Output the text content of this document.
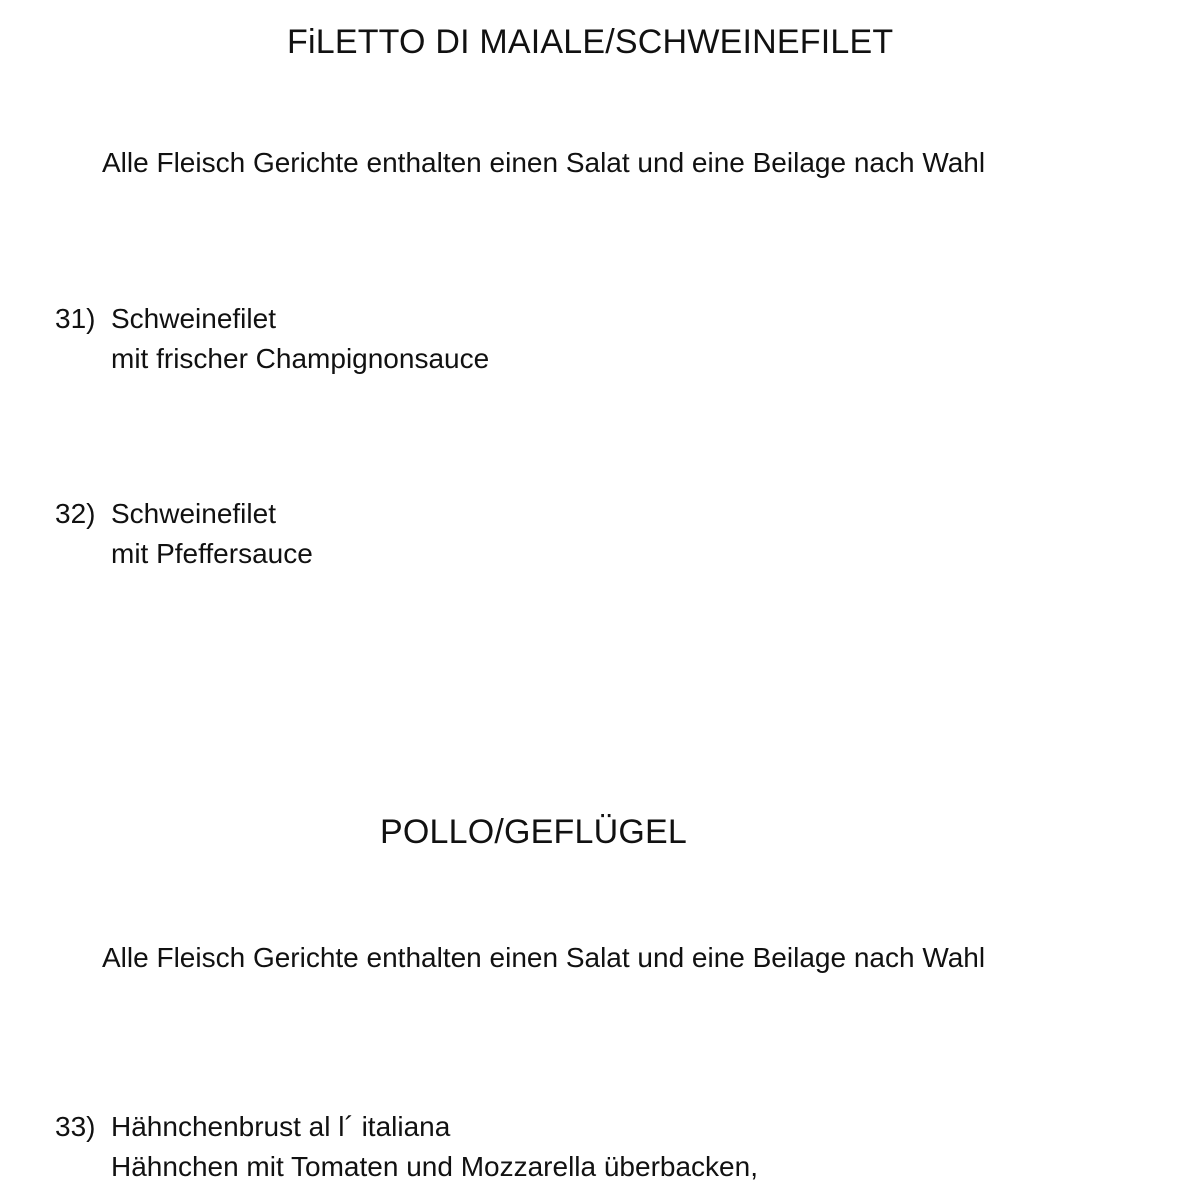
FiLETTO DI MAIALE/SCHWEINEFILET
Alle Fleisch Gerichte enthalten einen Salat und eine Beilage nach Wahl
31) Schweinefilet
mit frischer Champignonsauce
32) Schweinefilet
mit Pfeffersauce
POLLO/GEFLÜGEL
Alle Fleisch Gerichte enthalten einen Salat und eine Beilage nach Wahl
33) Hähnchenbrust al l´ italiana
Hähnchen mit Tomaten und Mozzarella überbacken,
